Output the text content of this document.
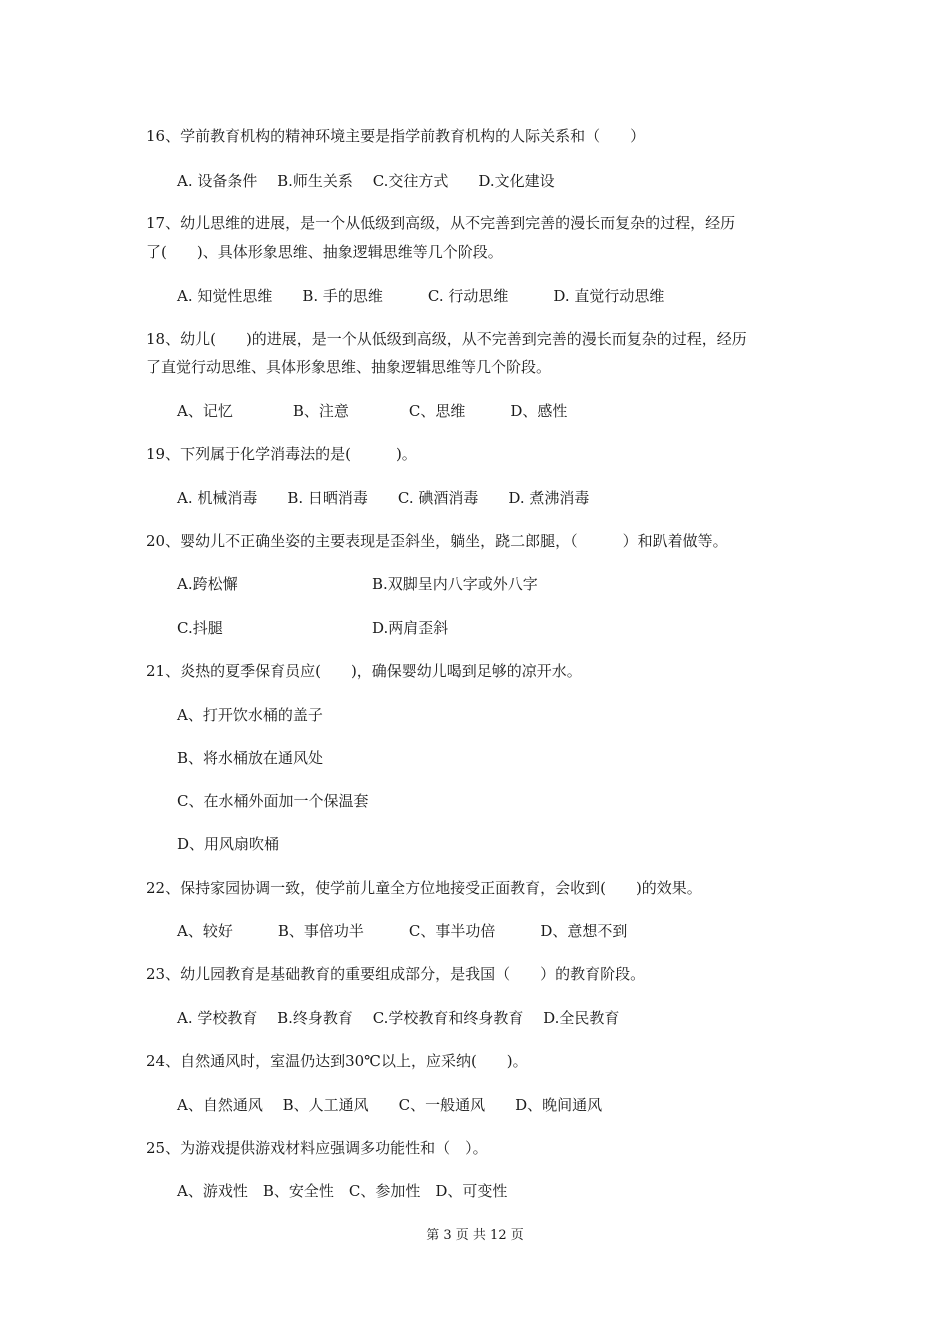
16、学前教育机构的精神环境主要是指学前教育机构的人际关系和（　　）
A. 设备条件　 B.师生关系　 C.交往方式　　D.文化建设
17、幼儿思维的进展，是一个从低级到高级，从不完善到完善的漫长而复杂的过程，经历
了(　　)、具体形象思维、抽象逻辑思维等几个阶段。
A. 知觉性思维　　B. 手的思维　　　C. 行动思维　　　D. 直觉行动思维
18、幼儿(　　)的进展，是一个从低级到高级，从不完善到完善的漫长而复杂的过程，经历
了直觉行动思维、具体形象思维、抽象逻辑思维等几个阶段。
A、记忆　　　　B、注意　　　　C、思维　　　D、感性
19、下列属于化学消毒法的是(　　　)。
A. 机械消毒　　B. 日晒消毒　　C. 碘酒消毒　　D. 煮沸消毒
20、婴幼儿不正确坐姿的主要表现是歪斜坐，躺坐，跷二郎腿，（　　　）和趴着做等。
A.跨松懈	B.双脚呈内八字或外八字
C.抖腿	D.两肩歪斜
21、炎热的夏季保育员应(　　)，确保婴幼儿喝到足够的凉开水。
A、打开饮水桶的盖子
B、将水桶放在通风处
C、在水桶外面加一个保温套
D、用风扇吹桶
22、保持家园协调一致，使学前儿童全方位地接受正面教育，会收到(　　)的效果。
A、较好　　　B、事倍功半　　　C、事半功倍　　　D、意想不到
23、幼儿园教育是基础教育的重要组成部分，是我国（　　）的教育阶段。
A. 学校教育　 B.终身教育　 C.学校教育和终身教育　 D.全民教育
24、自然通风时，室温仍达到30℃以上，应采纳(　　)。
A、自然通风　 B、人工通风　　C、一般通风　　D、晚间通风
25、为游戏提供游戏材料应强调多功能性和（　）。
A、游戏性　B、安全性　C、参加性　D、可变性
第 3 页 共 12 页
